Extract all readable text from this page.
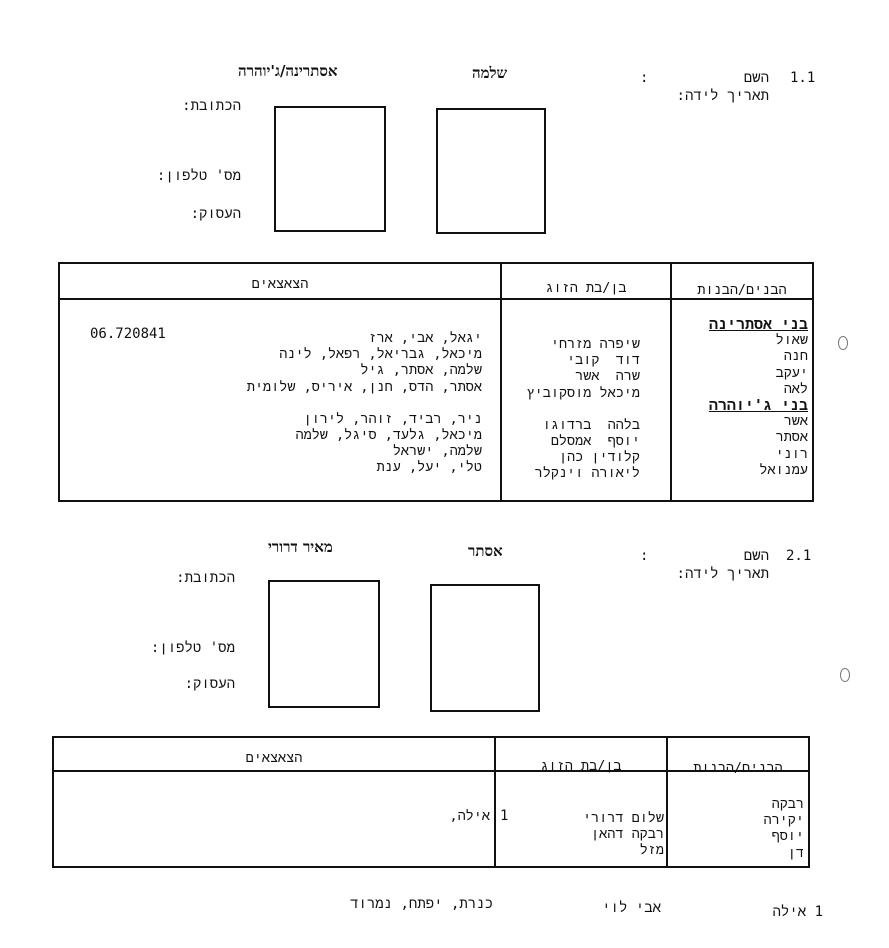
1.1
השם
:
תאריך לידה:
שלמה
אסתרינה/ג'יוהרה
הכתובת:
מס' טלפון:
העסוק:
הבנים/הבנות
בן/בת הזוג
הצאצאים
בני אסתרינה
שאול
חנה
יעקב
לאה
בני ג'יוהרה
אשר
אסתר
רוני
עמנואל
שיפרה מזרחי
דוד  קובי
שרה  אשר
מיכאל מוסקוביץ
בלהה  ברדוגו
יוסף  אמסלם
קלודין כהן
ליאורה וינקלר
יגאל, אבי, ארז
מיכאל, גבריאל, רפאל, לינה
שלמה, אסתר, גיל
אסתר, הדס, חנן, איריס, שלומית
ניר, רביד, זוהר, לירון
מיכאל, גלעד, סיגל, שלמה
שלמה, ישראל
טלי, יעל, ענת
06.720841
2.1
השם
:
תאריך לידה:
אסתר
מאיר דרורי
הכתובת:
מס' טלפון:
העסוק:
הבנים/הבנות
בן/בת הזוג
הצאצאים
רבקה
יקירה
יוסף
דן
שלום דרורי
רבקה דהאן
מזל
1
אילה,
1 אילה
אבי לוי
כנרת, יפתח, נמרוד
